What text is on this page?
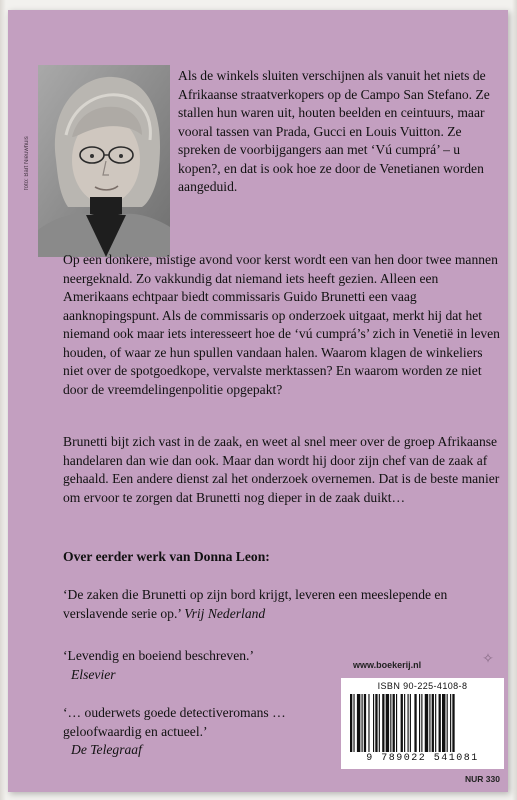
foto: Bart Nieuwhuis
Als de winkels sluiten verschijnen als vanuit het niets de Afrikaanse straatverkopers op de Campo San Stefano. Ze stallen hun waren uit, houten beelden en ceintuurs, maar vooral tassen van Prada, Gucci en Louis Vuitton. Ze spreken de voorbijgangers aan met ‘Vú cumprá’ – u kopen?, en dat is ook hoe ze door de Venetianen worden aangeduid.
Op een donkere, mistige avond voor kerst wordt een van hen door twee mannen neergeknald. Zo vakkundig dat niemand iets heeft gezien. Alleen een Amerikaans echtpaar biedt commissaris Guido Brunetti een vaag aanknopingspunt. Als de commissaris op onderzoek uitgaat, merkt hij dat het niemand ook maar iets interesseert hoe de ‘vú cumprá’s’ zich in Venetië in leven houden, of waar ze hun spullen vandaan halen. Waarom klagen de winkeliers niet over de spotgoedkope, vervalste merktassen? En waarom worden ze niet door de vreemdelingenpolitie opgepakt?
Brunetti bijt zich vast in de zaak, en weet al snel meer over de groep Afrikaanse handelaren dan wie dan ook. Maar dan wordt hij door zijn chef van de zaak af gehaald. Een andere dienst zal het onderzoek overnemen. Dat is de beste manier om ervoor te zorgen dat Brunetti nog dieper in de zaak duikt…
Over eerder werk van Donna Leon:
‘De zaken die Brunetti op zijn bord krijgt, leveren een meeslepende en verslavende serie op.’ Vrij Nederland
‘Levendig en boeiend beschreven.’
Elsevier
‘… ouderwets goede detectiveromans … geloofwaardig en actueel.’
De Telegraaf
www.boekerij.nl	✧
ISBN 90-225-4108-8
9 789022 541081
NUR 330
